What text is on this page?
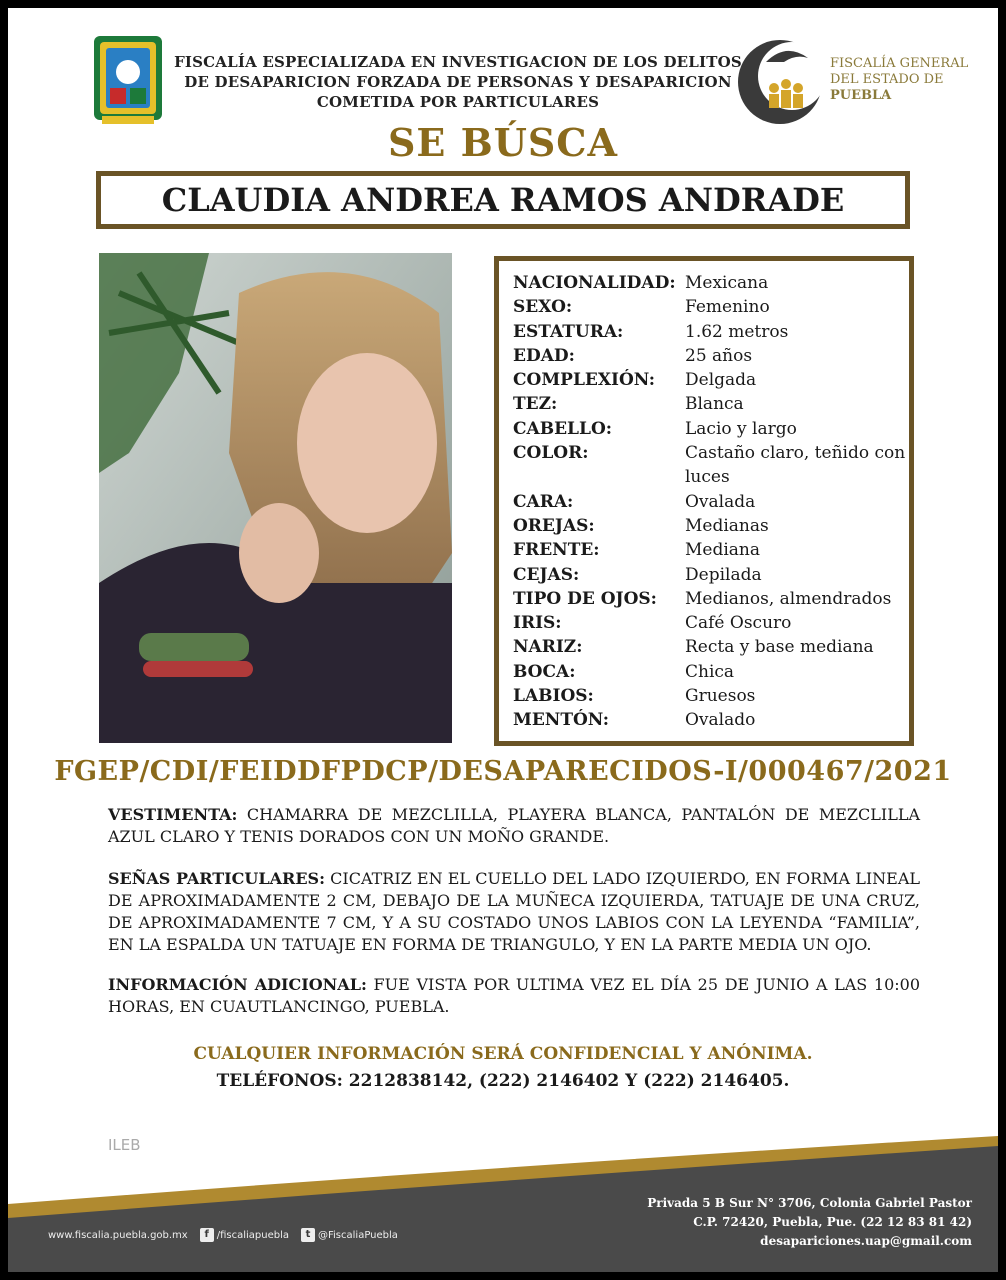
FISCALÍA ESPECIALIZADA EN INVESTIGACION DE LOS DELITOS
DE DESAPARICION FORZADA DE PERSONAS Y DESAPARICION
COMETIDA POR PARTICULARES
FISCALÍA GENERAL
DEL ESTADO DE
PUEBLA
SE BÚSCA
CLAUDIA ANDREA RAMOS ANDRADE
NACIONALIDAD: Mexicana
SEXO:	Femenino
ESTATURA:	1.62 metros
EDAD:	25 años
COMPLEXIÓN:	Delgada
TEZ:	Blanca
CABELLO:	Lacio y largo
COLOR:	Castaño claro, teñido con luces
CARA:	Ovalada
OREJAS:	Medianas
FRENTE:	Mediana
CEJAS:	Depilada
TIPO DE OJOS:	Medianos, almendrados
IRIS:	Café Oscuro
NARIZ:	Recta y base mediana
BOCA:	Chica
LABIOS:	Gruesos
MENTÓN:	Ovalado
FGEP/CDI/FEIDDFPDCP/DESAPARECIDOS-I/000467/2021
VESTIMENTA: CHAMARRA DE MEZCLILLA, PLAYERA BLANCA, PANTALÓN DE MEZCLILLA AZUL CLARO Y TENIS DORADOS CON UN MOÑO GRANDE.
SEÑAS PARTICULARES: CICATRIZ EN EL CUELLO DEL LADO IZQUIERDO, EN FORMA LINEAL DE APROXIMADAMENTE 2 CM, DEBAJO DE LA MUÑECA IZQUIERDA, TATUAJE DE UNA CRUZ, DE APROXIMADAMENTE 7 CM, Y A SU COSTADO UNOS LABIOS CON LA LEYENDA “FAMILIA”, EN LA ESPALDA UN TATUAJE EN FORMA DE TRIANGULO, Y EN LA PARTE MEDIA UN OJO.
INFORMACIÓN ADICIONAL: FUE VISTA POR ULTIMA VEZ EL DÍA 25 DE JUNIO A LAS 10:00 HORAS, EN CUAUTLANCINGO, PUEBLA.
CUALQUIER INFORMACIÓN SERÁ CONFIDENCIAL Y ANÓNIMA.
TELÉFONOS: 2212838142, (222) 2146402 Y (222) 2146405.
ILEB
Privada 5 B Sur N° 3706, Colonia Gabriel Pastor
C.P. 72420, Puebla, Pue. (22 12 83 81 42)
desapariciones.uap@gmail.com
www.fiscalia.puebla.gob.mx	f /fiscaliapuebla	t @FiscaliaPuebla
